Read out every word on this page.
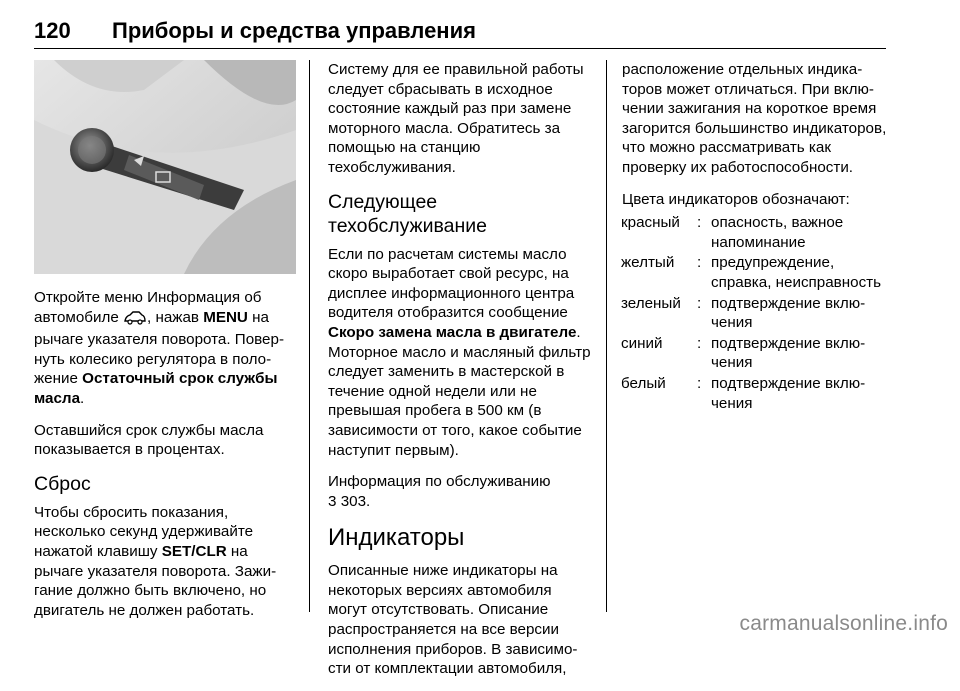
120 Приборы и средства управления

Откройте меню Информация об автомобиле , нажав MENU на рычаге указателя поворота. Повернуть колесико регулятора в положение Остаточный срок службы масла.

Оставшийся срок службы масла показывается в процентах.

Сброс

Чтобы сбросить показания, несколько секунд удерживайте нажатой клавишу SET/CLR на рычаге указателя поворота. Зажигание должно быть включено, но двигатель не должен работать.

Систему для ее правильной работы следует сбрасывать в исходное состояние каждый раз при замене моторного масла. Обратитесь за помощью на станцию техобслуживания.

Следующее техобслуживание

Если по расчетам системы масло скоро выработает свой ресурс, на дисплее информационного центра водителя отобразится сообщение Скоро замена масла в двигателе. Моторное масло и масляный фильтр следует заменить в мастерской в течение одной недели или не превышая пробега в 500 км (в зависимости от того, какое событие наступит первым).

Информация по обслуживанию
3 303.

Индикаторы

Описанные ниже индикаторы на некоторых версиях автомобиля могут отсутствовать. Описание распространяется на все версии исполнения приборов. В зависимости от комплектации автомобиля,

расположение отдельных индикаторов может отличаться. При включении зажигания на короткое время загорится большинство индикаторов, что можно рассматривать как проверку их работоспособности.

Цвета индикаторов обозначают:

красный	:	опасность, важное напоминание
желтый	:	предупреждение, справка, неисправность
зеленый	:	подтверждение включения
синий	:	подтверждение включения
белый	:	подтверждение включения
carmanualsonline.info
